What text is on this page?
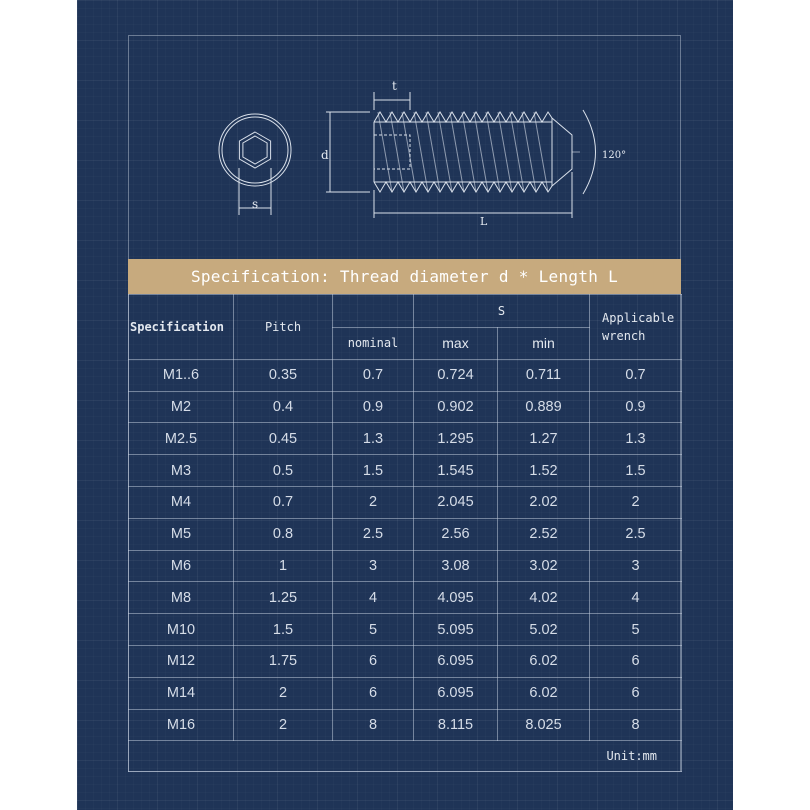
s
t
d
L
120°
Specification: Thread diameter d * Length L
Specification	Pitch		S		Applicable
wrench
		nominal	max	min	
M1..6	0.35	0.7	0.724	0.711	0.7
M2	0.4	0.9	0.902	0.889	0.9
M2.5	0.45	1.3	1.295	1.27	1.3
M3	0.5	1.5	1.545	1.52	1.5
M4	0.7	2	2.045	2.02	2
M5	0.8	2.5	2.56	2.52	2.5
M6	1	3	3.08	3.02	3
M8	1.25	4	4.095	4.02	4
M10	1.5	5	5.095	5.02	5
M12	1.75	6	6.095	6.02	6
M14	2	6	6.095	6.02	6
M16	2	8	8.115	8.025	8
Unit:mm					
